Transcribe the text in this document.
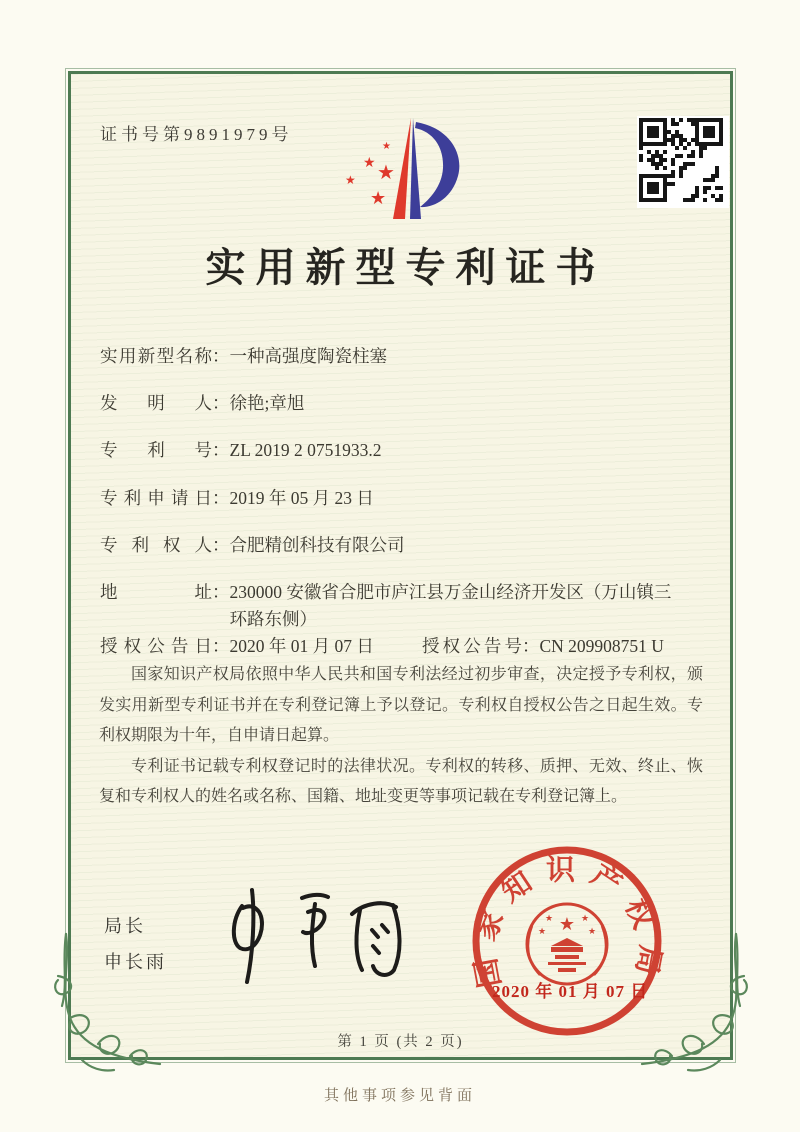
证书号第9891979号
★
★ ★
★
★
实用新型专利证书
实用新型名称：一种高强度陶瓷柱塞
发明人：徐艳;章旭
专利号：ZL 2019 2 0751933.2
专利申请日：2019 年 05 月 23 日
专利权人：合肥精创科技有限公司
地址：230000 安徽省合肥市庐江县万金山经济开发区（万山镇三环路东侧）
授权公告日：2020 年 01 月 07 日	授权公告号：CN 209908751 U

国家知识产权局依照中华人民共和国专利法经过初步审查，决定授予专利权，颁发实用新型专利证书并在专利登记簿上予以登记。专利权自授权公告之日起生效。专利权期限为十年，自申请日起算。

专利证书记载专利权登记时的法律状况。专利权的转移、质押、无效、终止、恢复和专利权人的姓名或名称、国籍、地址变更等事项记载在专利登记簿上。

局长
申长雨	国家知识产权局
★
★	★
★	★
2020 年 01 月 07 日
第 1 页 (共 2 页)
其他事项参见背面
